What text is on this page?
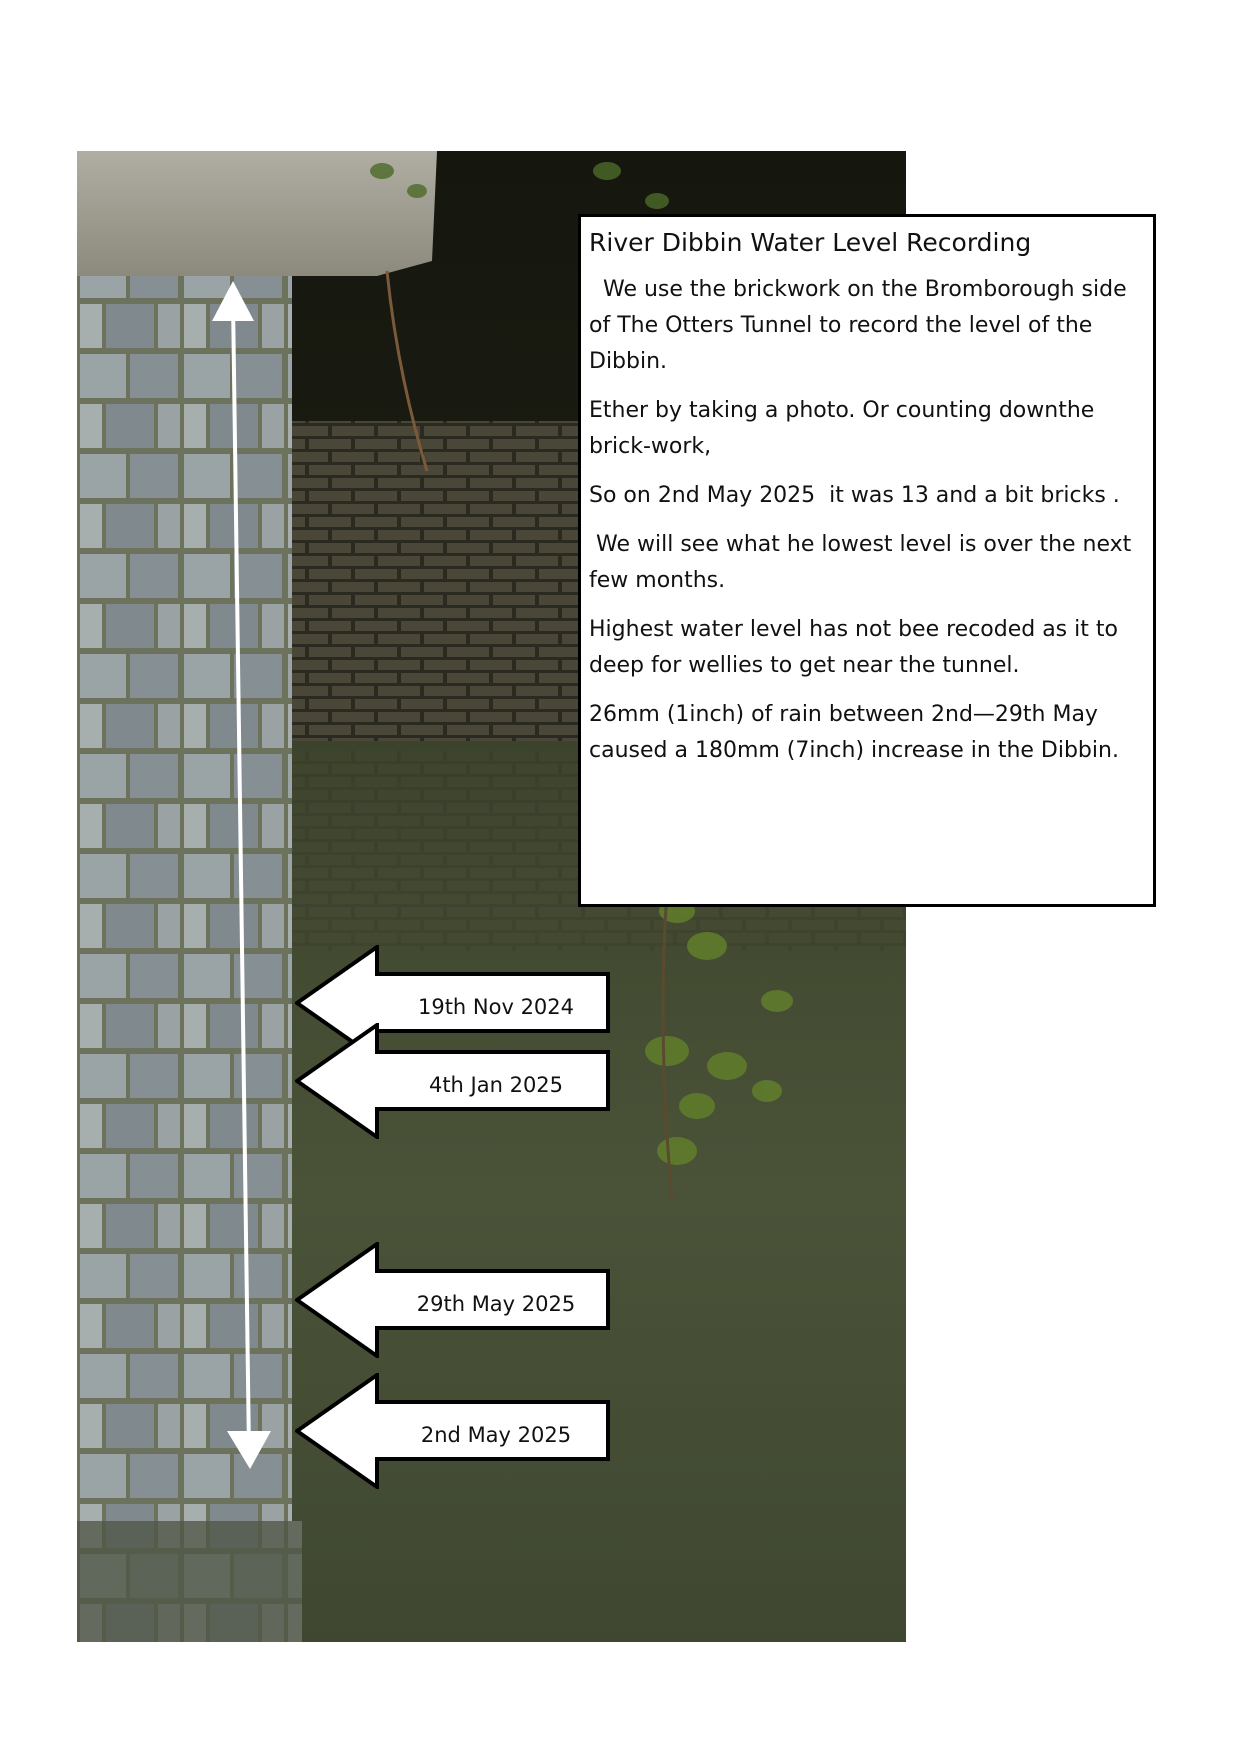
River Dibbin Water Level Recording

We use the brickwork on the Bromborough side of The Otters Tunnel to record the level of the Dibbin.

Ether by taking a photo. Or counting downthe brick-work,

So on 2nd May 2025  it was 13 and a bit bricks .

We will see what he lowest level is over the next few months.

Highest water level has not bee recoded as it to deep for wellies to get near the tunnel.

26mm (1inch) of rain between 2nd—29th May caused a 180mm (7inch) increase in the Dibbin.

19th Nov 2024
4th Jan 2025
29th May 2025
2nd May 2025
